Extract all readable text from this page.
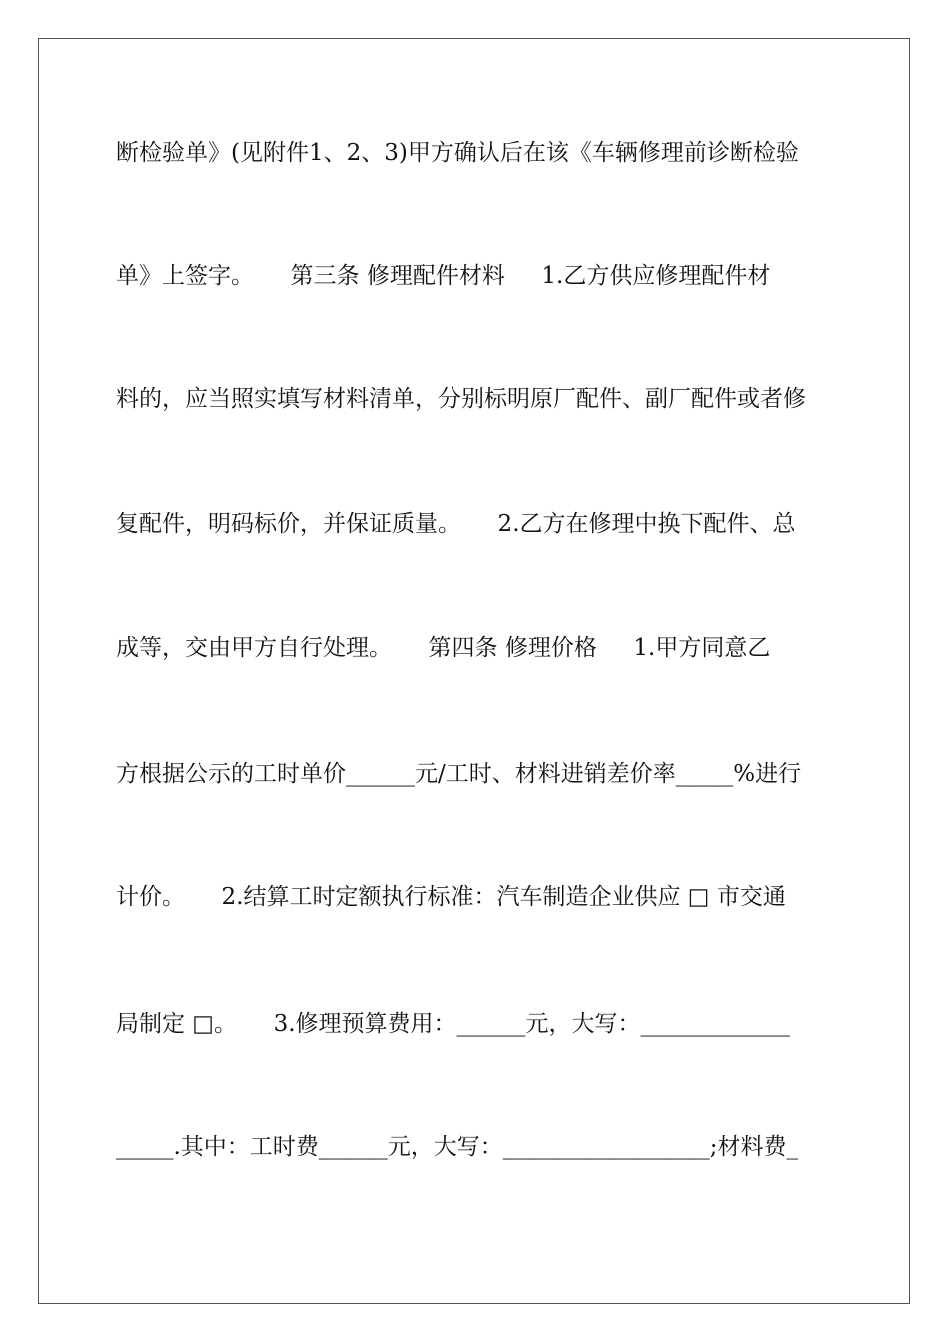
断检验单》(见附件1、2、3)甲方确认后在该《车辆修理前诊断检验
单》上签字。     第三条 修理配件材料     1.乙方供应修理配件材
料的，应当照实填写材料清单，分别标明原厂配件、副厂配件或者修
复配件，明码标价，并保证质量。     2.乙方在修理中换下配件、总
成等，交由甲方自行处理。     第四条 修理价格     1.甲方同意乙
方根据公示的工时单价______元/工时、材料进销差价率_____%进行
计价。     2.结算工时定额执行标准：汽车制造企业供应 □ 市交通
局制定 □。     3.修理预算费用：______元，大写：_____________
_____.其中：工时费______元，大写：__________________;材料费_
